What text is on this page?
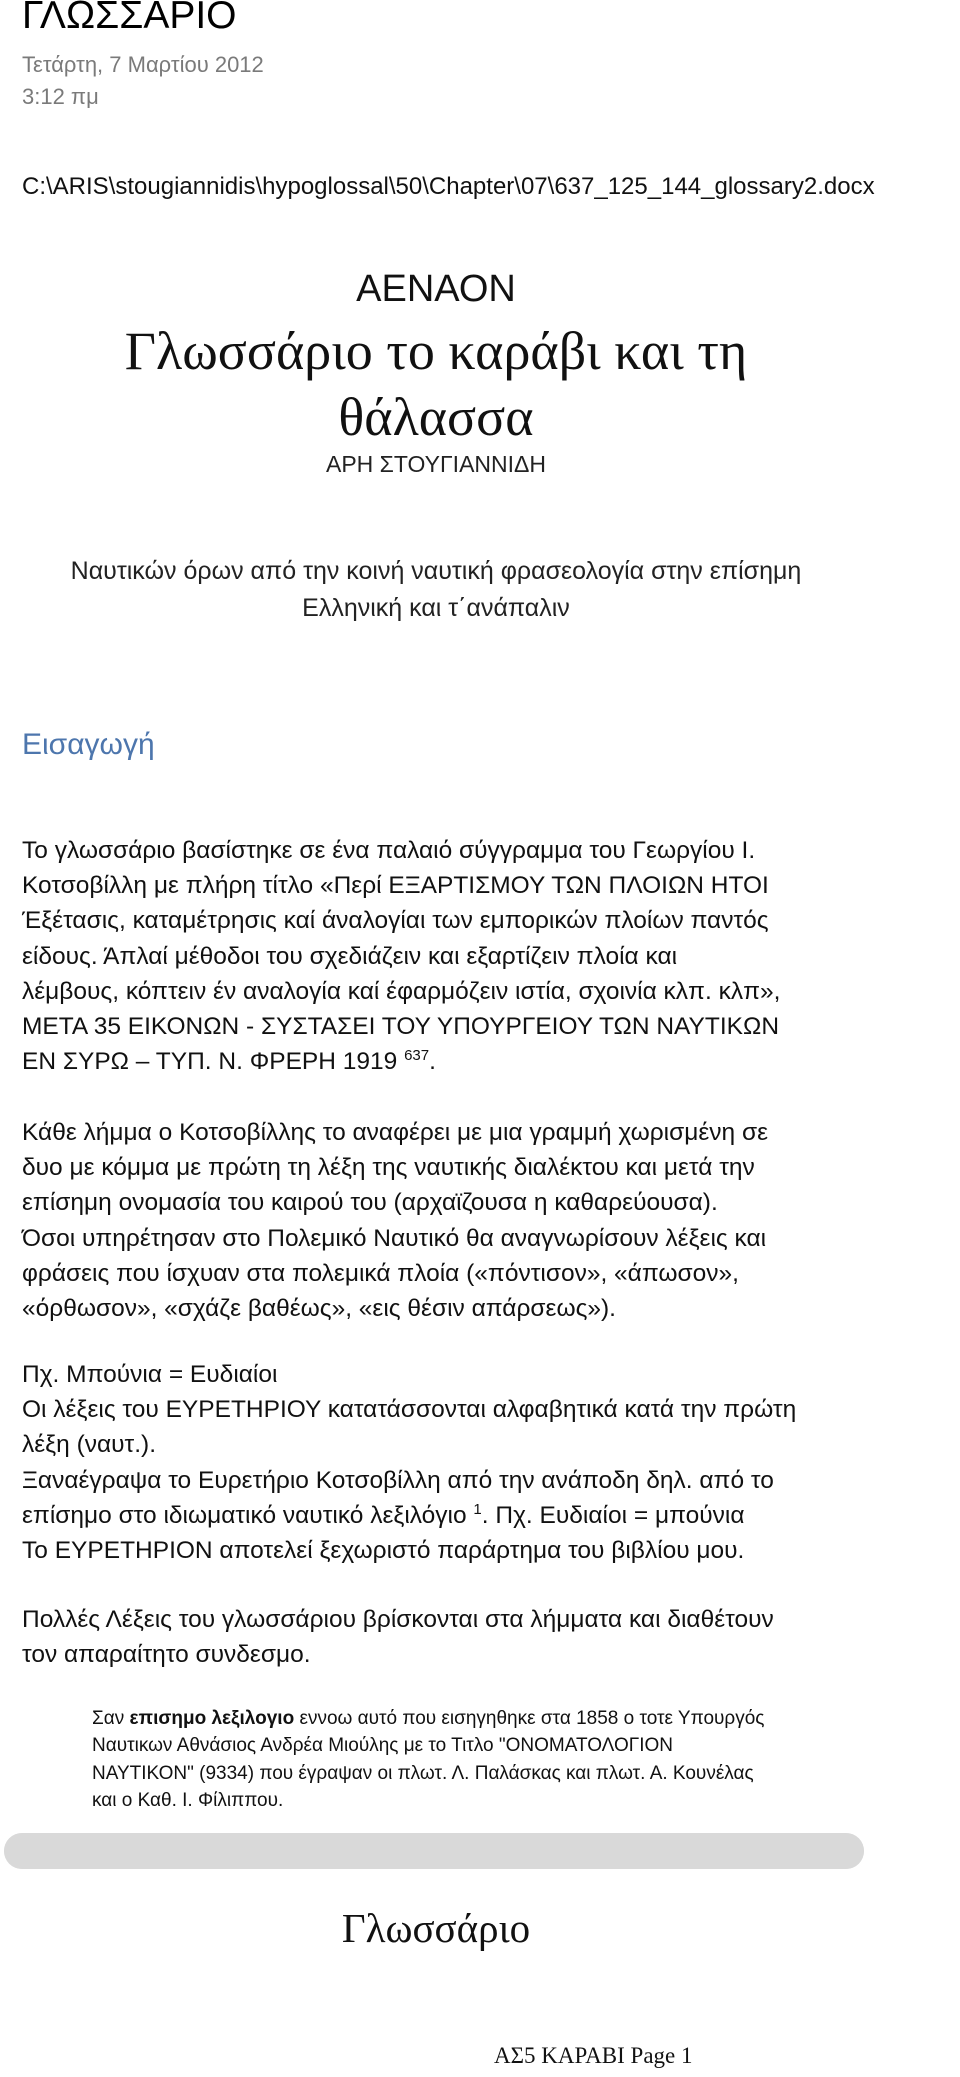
ΓΛΩΣΣΑΡΙΟ
Τετάρτη, 7 Μαρτίου 2012
3:12 πμ
C:\ARIS\stougiannidis\hypoglossal\50\Chapter\07\637_125_144_glossary2.docx
ΑΕΝΑΟΝ
Γλωσσάριο το καράβι και τη
θάλασσα
ΑΡΗ ΣΤΟΥΓΙΑΝΝΙΔΗ
Ναυτικών όρων από την κοινή ναυτική φρασεολογία στην επίσημη
Ελληνική και τ΄ανάπαλιν
Εισαγωγή

Το γλωσσάριο βασίστηκε σε ένα παλαιό σύγγραμμα του Γεωργίου Ι.

Κοτσοβίλλη με πλήρη τίτλο «Περί ΕΞΑΡΤΙΣΜΟΥ ΤΩΝ ΠΛΟΙΩΝ ΗΤΟΙ

Έξέτασις, καταμέτρησις καί άναλογίαι των εμπορικών πλοίων παντός

είδους. Άπλαί μέθοδοι του σχεδιάζειν και εξαρτίζειν πλοία και

λέμβους, κόπτειν έν αναλογία καί έφαρμόζειν ιστία, σχοινία κλπ. κλπ»,

ΜΕΤΑ 35 ΕΙΚΟΝΩΝ - ΣΥΣΤΑΣΕΙ ΤΟΥ ΥΠΟΥΡΓΕΙΟΥ ΤΩΝ ΝΑΥΤΙΚΩΝ

ΕΝ ΣΥΡΩ – ΤΥΠ. Ν. ΦΡΕΡΗ 1919 $^{637}$.

Κάθε λήμμα ο Κοτσοβίλλης το αναφέρει με μια γραμμή χωρισμένη σε

δυο με κόμμα με πρώτη τη λέξη της ναυτικής διαλέκτου και μετά την

επίσημη ονομασία του καιρού του (αρχαϊζουσα η καθαρεύουσα).

Όσοι υπηρέτησαν στο Πολεμικό Ναυτικό θα αναγνωρίσουν λέξεις και

φράσεις που ίσχυαν στα πολεμικά πλοία («πόντισον», «άπωσον»,

«όρθωσον», «σχάζε βαθέως», «εις θέσιν απάρσεως»).

Πχ. Μπούνια = Ευδιαίοι

Οι λέξεις του ΕΥΡΕΤΗΡΙΟΥ κατατάσσονται αλφαβητικά κατά την πρώτη

λέξη (ναυτ.).

Ξαναέγραψα το Ευρετήριο Κοτσοβίλλη από την ανάποδη δηλ. από το

επίσημο στο ιδιωματικό ναυτικό λεξιλόγιο $^1$. Πχ. Ευδιαίοι = μπούνια

Το ΕΥΡΕΤΗΡΙΟΝ αποτελεί ξεχωριστό παράρτημα του βιβλίου μου.

Πολλές Λέξεις του γλωσσάριου βρίσκονται στα λήμματα και διαθέτουν

τον απαραίτητο συνδεσμο.

Σαν επισημο λεξιλογιο εννοω αυτό που εισηγηθηκε στα 1858 ο τοτε Υπουργός

Ναυτικων Αθνάσιος Ανδρέα Μιούλης με το Τιτλο "ΟΝΟΜΑΤΟΛΟΓΙΟΝ

ΝΑΥΤΙΚΟΝ" (9334) που έγραψαν οι πλωτ. Λ. Παλάσκας και πλωτ. Α. Κουνέλας

και ο Καθ. Ι. Φίλιππου.

Γλωσσάριο
ΑΣ5 ΚΑΡΑΒΙ Page 1
